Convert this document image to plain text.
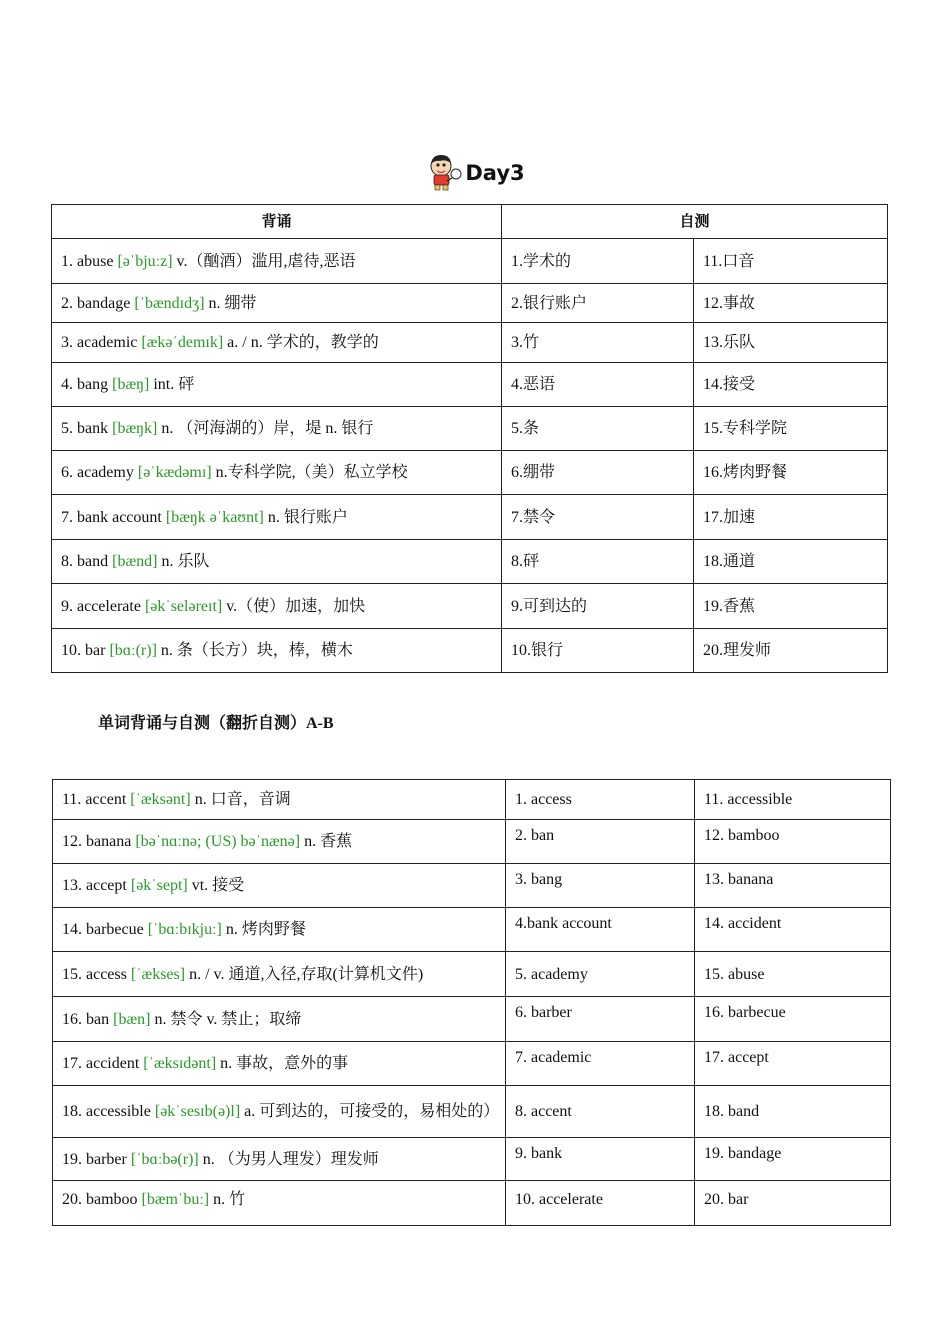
Day3
背诵	自测	
1. abuse [əˈbjuːz] v.（酗酒）滥用,虐待,恶语	1.学术的	11.口音
2. bandage [ˈbændɪdʒ] n. 绷带	2.银行账户	12.事故
3. academic [ækəˈdemɪk] a. / n. 学术的，教学的	3.竹	13.乐队
4. bang [bæŋ] int. 砰	4.恶语	14.接受
5. bank [bæŋk] n. （河海湖的）岸，堤 n. 银行	5.条	15.专科学院
6. academy [əˈkædəmɪ] n.专科学院,（美）私立学校	6.绷带	16.烤肉野餐
7. bank account [bæŋk əˈkaʊnt] n. 银行账户	7.禁令	17.加速
8. band [bænd] n. 乐队	8.砰	18.通道
9. accelerate [əkˈseləreɪt] v.（使）加速，加快	9.可到达的	19.香蕉
10. bar [bɑː(r)] n. 条（长方）块，棒，横木	10.银行	20.理发师
单词背诵与自测（翻折自测）A-B
11. accent [ˈæksənt] n. 口音，音调	1. access	11. accessible
12. banana [bəˈnɑːnə; (US) bəˈnænə] n. 香蕉	2. ban	12. bamboo
13. accept [əkˈsept] vt. 接受	3. bang	13. banana
14. barbecue [ˈbɑːbɪkjuː] n. 烤肉野餐	4.bank account	14. accident
15. access [ˈækses] n. / v. 通道,入径,存取(计算机文件)	5. academy	15. abuse
16. ban [bæn] n. 禁令 v. 禁止；取缔	6. barber	16. barbecue
17. accident [ˈæksɪdənt] n. 事故，意外的事	7. academic	17. accept
18. accessible [əkˈsesɪb(ə)l] a. 可到达的，可接受的，易相处的）	8. accent	18. band
19. barber [ˈbɑːbə(r)] n. （为男人理发）理发师	9. bank	19. bandage
20. bamboo [bæmˈbuː] n. 竹	10. accelerate	20. bar
